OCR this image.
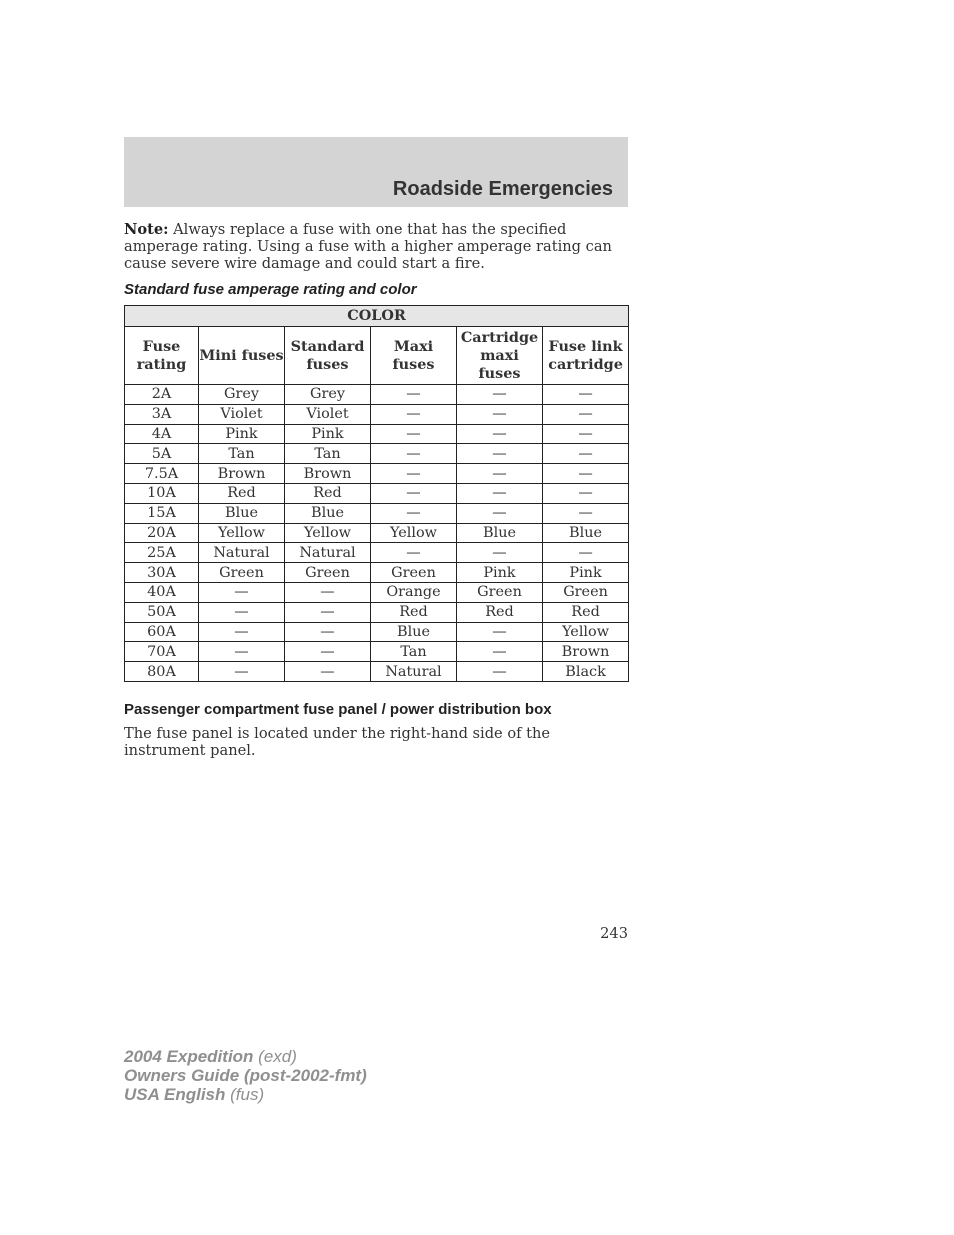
Roadside Emergencies

Note: Always replace a fuse with one that has the specified amperage rating. Using a fuse with a higher amperage rating can cause severe wire damage and could start a fire.

Standard fuse amperage rating and color
COLOR					
Fuse rating	Mini fuses	Standard fuses	Maxi fuses	Cartridge maxi fuses	Fuse link cartridge
2A	Grey	Grey	—	—	—
3A	Violet	Violet	—	—	—
4A	Pink	Pink	—	—	—
5A	Tan	Tan	—	—	—
7.5A	Brown	Brown	—	—	—
10A	Red	Red	—	—	—
15A	Blue	Blue	—	—	—
20A	Yellow	Yellow	Yellow	Blue	Blue
25A	Natural	Natural	—	—	—
30A	Green	Green	Green	Pink	Pink
40A	—	—	Orange	Green	Green
50A	—	—	Red	Red	Red
60A	—	—	Blue	—	Yellow
70A	—	—	Tan	—	Brown
80A	—	—	Natural	—	Black
Passenger compartment fuse panel / power distribution box

The fuse panel is located under the right-hand side of the instrument panel.

243

2004 Expedition (exd)
Owners Guide (post-2002-fmt)
USA English (fus)
